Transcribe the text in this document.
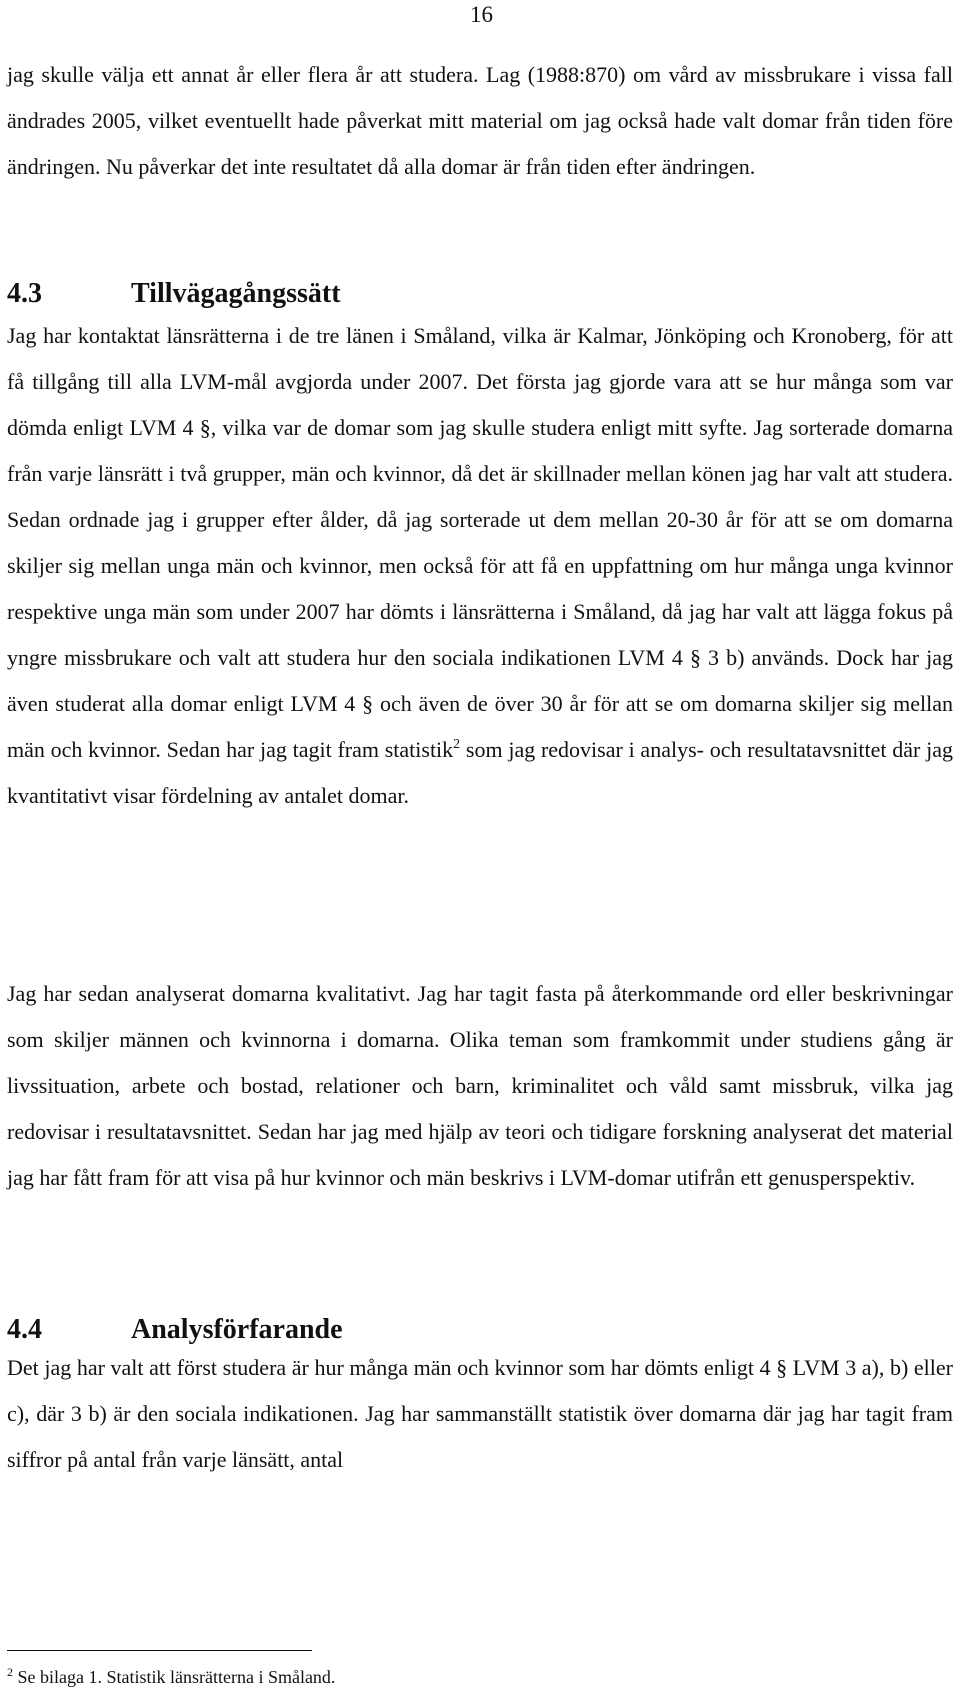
16

jag skulle välja ett annat år eller flera år att studera. Lag (1988:870) om vård av missbrukare i vissa fall ändrades 2005, vilket eventuellt hade påverkat mitt material om jag också hade valt domar från tiden före ändringen. Nu påverkar det inte resultatet då alla domar är från tiden efter ändringen.

4.3	Tillvägagångssätt

Jag har kontaktat länsrätterna i de tre länen i Småland, vilka är Kalmar, Jönköping och Kronoberg, för att få tillgång till alla LVM-mål avgjorda under 2007. Det första jag gjorde vara att se hur många som var dömda enligt LVM 4 §, vilka var de domar som jag skulle studera enligt mitt syfte. Jag sorterade domarna från varje länsrätt i två grupper, män och kvinnor, då det är skillnader mellan könen jag har valt att studera. Sedan ordnade jag i grupper efter ålder, då jag sorterade ut dem mellan 20-30 år för att se om domarna skiljer sig mellan unga män och kvinnor, men också för att få en uppfattning om hur många unga kvinnor respektive unga män som under 2007 har dömts i länsrätterna i Småland, då jag har valt att lägga fokus på yngre missbrukare och valt att studera hur den sociala indikationen LVM 4 § 3 b) används. Dock har jag även studerat alla domar enligt LVM 4 § och även de över 30 år för att se om domarna skiljer sig mellan män och kvinnor. Sedan har jag tagit fram statistik$^2$ som jag redovisar i analys- och resultatavsnittet där jag kvantitativt visar fördelning av antalet domar.

Jag har sedan analyserat domarna kvalitativt. Jag har tagit fasta på återkommande ord eller beskrivningar som skiljer männen och kvinnorna i domarna. Olika teman som framkommit under studiens gång är livssituation, arbete och bostad, relationer och barn, kriminalitet och våld samt missbruk, vilka jag redovisar i resultatavsnittet. Sedan har jag med hjälp av teori och tidigare forskning analyserat det material jag har fått fram för att visa på hur kvinnor och män beskrivs i LVM-domar utifrån ett genusperspektiv.

4.4	Analysförfarande

Det jag har valt att först studera är hur många män och kvinnor som har dömts enligt 4 § LVM 3 a), b) eller c), där 3 b) är den sociala indikationen. Jag har sammanställt statistik över domarna där jag har tagit fram siffror på antal från varje länsätt, antal

$^2$ Se bilaga 1. Statistik länsrätterna i Småland.
